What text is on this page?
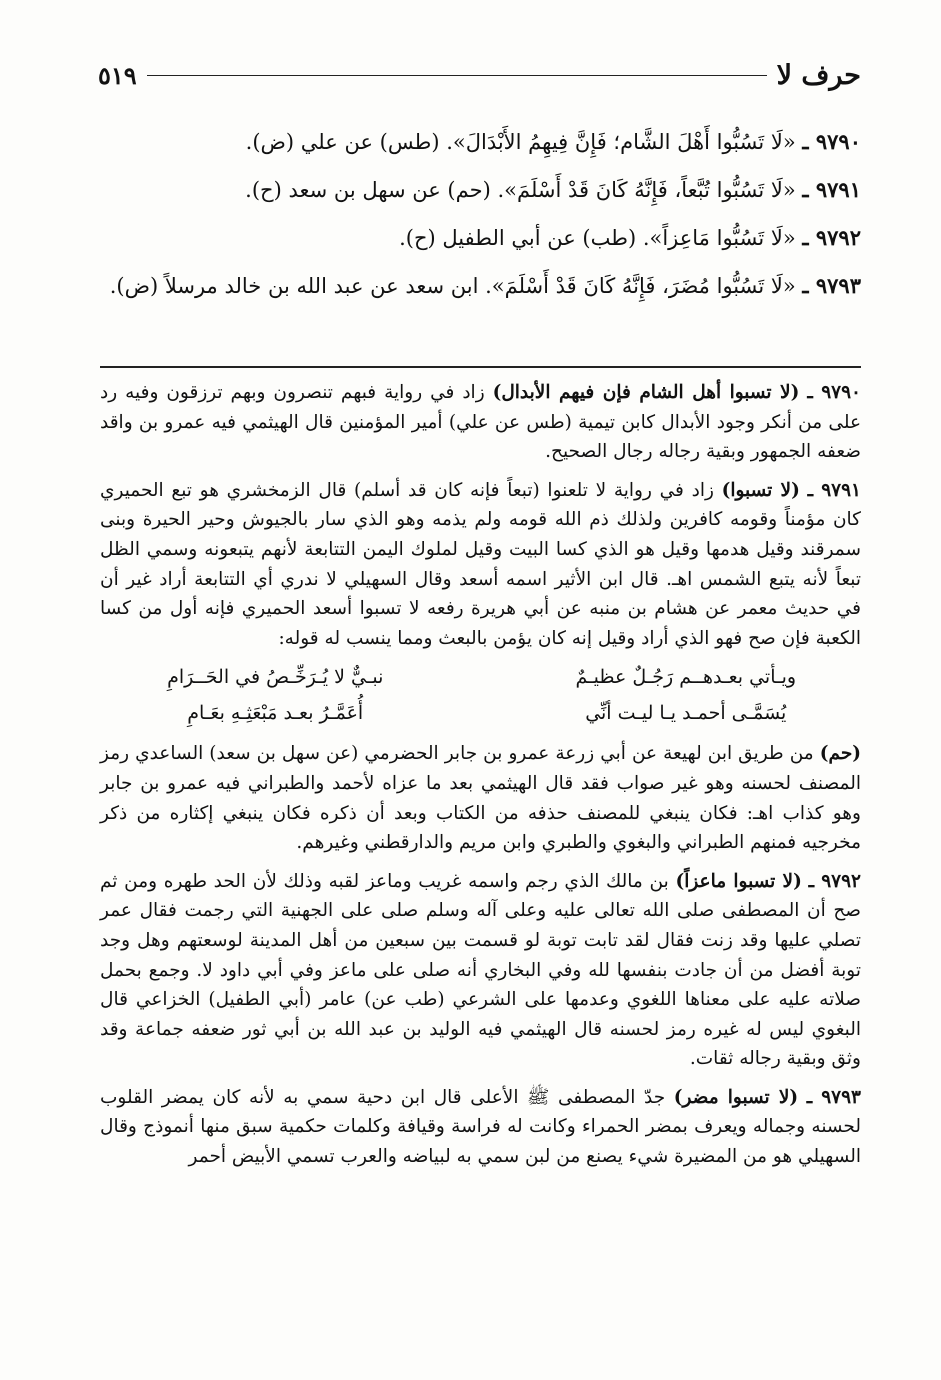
حرف لا
٥١٩

٩٧٩٠ ـ «لَا تَسُبُّوا أَهْلَ الشَّام؛ فَإِنَّ فِيهِمُ الأَبْدَالَ». (طس) عن علي (ض).

٩٧٩١ ـ «لَا تَسُبُّوا تُبَّعاً، فَإِنَّهُ كَانَ قَدْ أَسْلَمَ». (حم) عن سهل بن سعد (ح).

٩٧٩٢ ـ «لَا تَسُبُّوا مَاعِزاً». (طب) عن أبي الطفيل (ح).

٩٧٩٣ ـ «لَا تَسُبُّوا مُضَرَ، فَإِنَّهُ كَانَ قَدْ أَسْلَمَ». ابن سعد عن عبد الله بن خالد مرسلاً (ض).

٩٧٩٠ ـ (لا تسبوا أهل الشام فإن فيهم الأبدال) زاد في رواية فبهم تنصرون وبهم ترزقون وفيه رد على من أنكر وجود الأبدال كابن تيمية (طس عن علي) أمير المؤمنين قال الهيثمي فيه عمرو بن واقد ضعفه الجمهور وبقية رجاله رجال الصحيح.

٩٧٩١ ـ (لا تسبوا) زاد في رواية لا تلعنوا (تبعاً فإنه كان قد أسلم) قال الزمخشري هو تبع الحميري كان مؤمناً وقومه كافرين ولذلك ذم الله قومه ولم يذمه وهو الذي سار بالجيوش وحير الحيرة وبنى سمرقند وقيل هدمها وقيل هو الذي كسا البيت وقيل لملوك اليمن التتابعة لأنهم يتبعونه وسمي الظل تبعاً لأنه يتبع الشمس اهـ. قال ابن الأثير اسمه أسعد وقال السهيلي لا ندري أي التتابعة أراد غير أن في حديث معمر عن هشام بن منبه عن أبي هريرة رفعه لا تسبوا أسعد الحميري فإنه أول من كسا الكعبة فإن صح فهو الذي أراد وقيل إنه كان يؤمن بالبعث ومما ينسب له قوله:

ويـأتي بعـدهــم رَجُـلٌ عظيـمٌ
نبـيٌّ لا يُـرَخِّـصُ في الحَــرَامِ
يُسَمَّـى أحمـد يـا ليـت أنِّي
أُعَمَّـرُ بعـد مَبْعَثِـهِ بعَـامِ

(حم) من طريق ابن لهيعة عن أبي زرعة عمرو بن جابر الحضرمي (عن سهل بن سعد) الساعدي رمز المصنف لحسنه وهو غير صواب فقد قال الهيثمي بعد ما عزاه لأحمد والطبراني فيه عمرو بن جابر وهو كذاب اهـ: فكان ينبغي للمصنف حذفه من الكتاب وبعد أن ذكره فكان ينبغي إكثاره من ذكر مخرجيه فمنهم الطبراني والبغوي والطبري وابن مريم والدارقطني وغيرهم.

٩٧٩٢ ـ (لا تسبوا ماعزاً) بن مالك الذي رجم واسمه غريب وماعز لقبه وذلك لأن الحد طهره ومن ثم صح أن المصطفى صلى الله تعالى عليه وعلى آله وسلم صلى على الجهنية التي رجمت فقال عمر تصلي عليها وقد زنت فقال لقد تابت توبة لو قسمت بين سبعين من أهل المدينة لوسعتهم وهل وجد توبة أفضل من أن جادت بنفسها لله وفي البخاري أنه صلى على ماعز وفي أبي داود لا. وجمع بحمل صلاته عليه على معناها اللغوي وعدمها على الشرعي (طب عن) عامر (أبي الطفيل) الخزاعي قال البغوي ليس له غيره رمز لحسنه قال الهيثمي فيه الوليد بن عبد الله بن أبي ثور ضعفه جماعة وقد وثق وبقية رجاله ثقات.

٩٧٩٣ ـ (لا تسبوا مضر) جدّ المصطفى ﷺ الأعلى قال ابن دحية سمي به لأنه كان يمضر القلوب لحسنه وجماله ويعرف بمضر الحمراء وكانت له فراسة وقيافة وكلمات حكمية سبق منها أنموذج وقال السهيلي هو من المضيرة شيء يصنع من لبن سمي به لبياضه والعرب تسمي الأبيض أحمر
